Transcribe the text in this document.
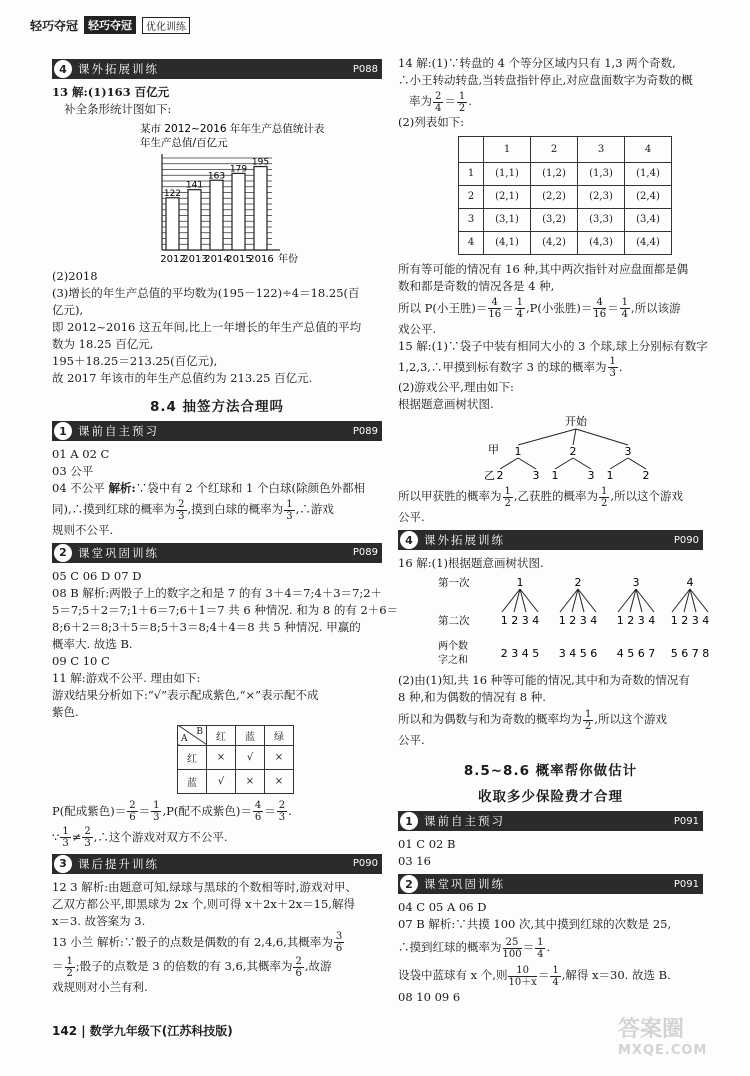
轻巧夺冠 轻巧夺冠	优化训练
4 课外拓展训练	P088

13 解:(1)163 百亿元

补全条形统计图如下:

某市 2012~2016 年年生产总值统计表
年生产总值/百亿元
122
2012
141
2013
163
2014
179
2015
195
2016 年份

(2)2018

(3)增长的年生产总值的平均数为(195－122)÷4＝18.25(百

亿元),

即 2012~2016 这五年间,比上一年增长的年生产总值的平均

数为 18.25 百亿元,

195＋18.25＝213.25(百亿元),

故 2017 年该市的年生产总值约为 213.25 百亿元.

8.4 抽签方法合理吗
1 课前自主预习	P089

01 A 02 C

03 公平

04 不公平 解析:∵袋中有 2 个红球和 1 个白球(除颜色外都相

同),∴摸到红球的概率为 $\frac{2}{3}$ ,摸到白球的概率为 $\frac{1}{3}$ ,∴游戏

规则不公平.

2 课堂巩固训练	P089

05 C 06 D 07 D

08 B 解析:两骰子上的数字之和是 7 的有 3＋4＝7;4＋3＝7;2＋

5＝7;5＋2＝7;1＋6＝7;6＋1＝7 共 6 种情况. 和为 8 的有 2＋6＝

8;6＋2＝8;3＋5＝8;5＋3＝8;4＋4＝8 共 5 种情况. 甲赢的

概率大. 故选 B.

09 C 10 C

11 解:游戏不公平. 理由如下:

游戏结果分析如下:“√”表示配成紫色,“×”表示配不成

紫色.

B
A	红	蓝	绿
红	×	√	×
蓝	√	×	×

P(配成紫色)＝ $\frac{2}{6} = \frac{1}{3} ,P$(配不成紫色)＝ $\frac{4}{6} = \frac{2}{3}$ .

∵ $\frac{1}{3} \ne \frac{2}{3}$ ,∴这个游戏对双方不公平.

3 课后提升训练	P090

12 3 解析:由题意可知,绿球与黑球的个数相等时,游戏对甲、

乙双方都公平,即黑球为 2x 个,则可得 x＋2x＋2x＝15,解得

x＝3. 故答案为 3.

13 小兰 解析:∵骰子的点数是偶数的有 2,4,6,其概率为 $\frac{3}{6}$

＝ $\frac{1}{2}$ ;骰子的点数是 3 的倍数的有 3,6,其概率为 $\frac{2}{6}$ ,故游

戏规则对小兰有利.

14 解:(1)∵转盘的 4 个等分区域内只有 1,3 两个奇数,

∴小王转动转盘,当转盘指针停止,对应盘面数字为奇数的概

率为 $\frac{2}{4} = \frac{1}{2}$ .

(2)列表如下:

	1	2	3	4
1	(1,1)	(1,2)	(1,3)	(1,4)
2	(2,1)	(2,2)	(2,3)	(2,4)
3	(3,1)	(3,2)	(3,3)	(3,4)
4	(4,1)	(4,2)	(4,3)	(4,4)

所有等可能的情况有 16 种,其中两次指针对应盘面都是偶

数和都是奇数的情况各是 4 种,

所以 P(小王胜)＝ $\frac{4}{16} = \frac{1}{4} ,P$(小张胜)＝ $\frac{4}{16} = \frac{1}{4}$ ,所以该游

戏公平.

15 解:(1)∵袋子中装有相同大小的 3 个球,球上分别标有数字

1,2,3,∴甲摸到标有数字 3 的球的概率为 $\frac{1}{3}$ .

(2)游戏公平,理由如下:

根据题意画树状图.

开始
甲
乙
1
2	3
2
1	3
3
1	2

所以甲获胜的概率为 $\frac{1}{2}$ ,乙获胜的概率为 $\frac{1}{2}$ ,所以这个游戏

公平.

4 课外拓展训练	P090

16 解:(1)根据题意画树状图.

第一次
第二次
两个数
字之和
1
1 2 3 4
2 3 4 5
2
1 2 3 4
3 4 5 6
3
1 2 3 4
4 5 6 7
4
1 2 3 4
5 6 7 8

(2)由(1)知,共 16 种等可能的情况,其中和为奇数的情况有

8 种,和为偶数的情况有 8 种.

所以和为偶数与和为奇数的概率均为 $\frac{1}{2}$ ,所以这个游戏

公平.

8.5~8.6 概率帮你做估计
收取多少保险费才合理
1 课前自主预习	P091

01 C 02 B

03 16

2 课堂巩固训练	P091

04 C 05 A 06 D

07 B 解析:∵共摸 100 次,其中摸到红球的次数是 25,

∴摸到红球的概率为 $\frac{25}{100} = \frac{1}{4}$ .

设袋中蓝球有 x 个,则 $\frac{10}{10+x} = \frac{1}{4}$ ,解得 x＝30. 故选 B.

08 10 09 6

142 | 数学九年级下(江苏科技版)	答案圈
MXQE.COM
